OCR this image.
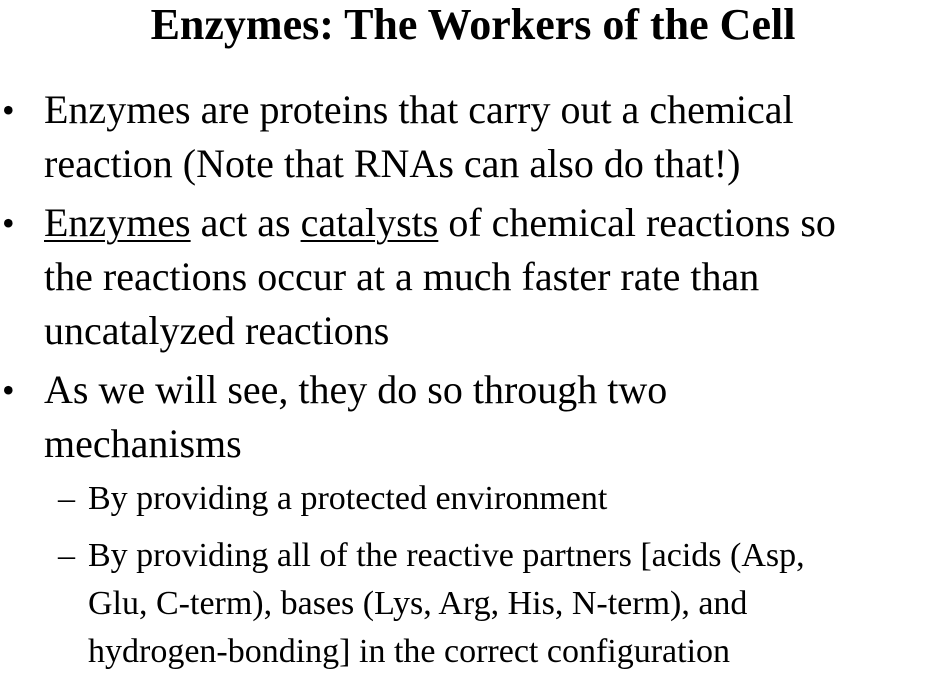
Enzymes: The Workers of the Cell
• Enzymes are proteins that carry out a chemical
reaction (Note that RNAs can also do that!)
• Enzymes act as catalysts of chemical reactions so
the reactions occur at a much faster rate than
uncatalyzed reactions
• As we will see, they do so through two
mechanisms
– By providing a protected environment
– By providing all of the reactive partners [acids (Asp,
Glu, C-term), bases (Lys, Arg, His, N-term), and
hydrogen-bonding] in the correct configuration
